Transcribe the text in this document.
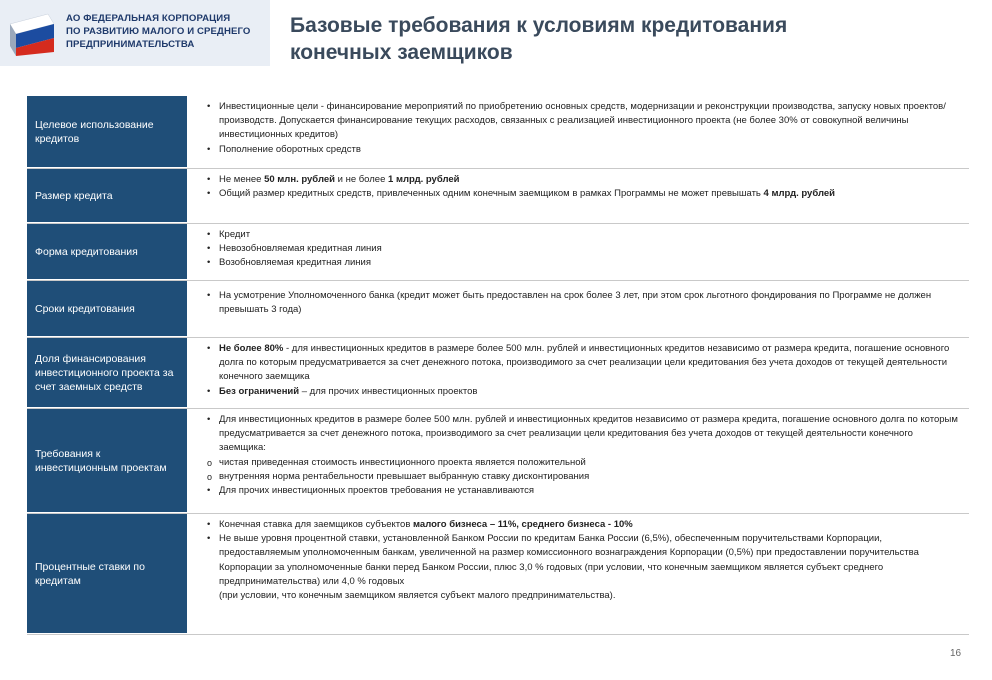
АО ФЕДЕРАЛЬНАЯ КОРПОРАЦИЯ
ПО РАЗВИТИЮ МАЛОГО И СРЕДНЕГО
ПРЕДПРИНИМАТЕЛЬСТВА
Базовые требования к условиям кредитования
конечных заемщиков
Целевое использование кредитов
• Инвестиционные цели - финансирование мероприятий по приобретению основных средств, модернизации и реконструкции производства, запуску новых проектов/производств. Допускается финансирование текущих расходов, связанных с реализацией инвестиционного проекта (не более 30% от совокупной величины инвестиционных кредитов)
• Пополнение оборотных средств
Размер кредита
• Не менее 50 млн. рублей и не более 1 млрд. рублей
• Общий размер кредитных средств, привлеченных одним конечным заемщиком в рамках Программы не может превышать 4 млрд. рублей
Форма кредитования
• Кредит
• Невозобновляемая кредитная линия
• Возобновляемая кредитная линия
Сроки кредитования
• На усмотрение Уполномоченного банка (кредит может быть предоставлен на срок более 3 лет, при этом срок льготного фондирования по Программе не должен превышать 3 года)
Доля финансирования инвестиционного проекта за счет заемных средств
• Не более 80% - для инвестиционных кредитов в размере более 500 млн. рублей и инвестиционных кредитов независимо от размера кредита, погашение основного долга по которым предусматривается за счет денежного потока, производимого за счет реализации цели кредитования без учета доходов от текущей деятельности конечного заемщика
• Без ограничений – для прочих инвестиционных проектов
Требования к инвестиционным проектам
• Для инвестиционных кредитов в размере более 500 млн. рублей и инвестиционных кредитов независимо от размера кредита, погашение основного долга по которым предусматривается за счет денежного потока, производимого за счет реализации цели кредитования без учета доходов от текущей деятельности конечного заемщика:
o чистая приведенная стоимость инвестиционного проекта является положительной
o внутренняя норма рентабельности превышает выбранную ставку дисконтирования
• Для прочих инвестиционных проектов требования не устанавливаются
Процентные ставки по кредитам
• Конечная ставка для заемщиков субъектов малого бизнеса – 11%, среднего бизнеса - 10%
• Не выше уровня процентной ставки, установленной Банком России по кредитам Банка России (6,5%), обеспеченным поручительствами Корпорации, предоставляемым уполномоченным банкам, увеличенной на размер комиссионного вознаграждения Корпорации (0,5%) при предоставлении поручительства Корпорации за уполномоченные банки перед Банком России, плюс 3,0 % годовых (при условии, что конечным заемщиком является субъект среднего предпринимательства) или 4,0 % годовых
(при условии, что конечным заемщиком является субъект малого предпринимательства).
16
